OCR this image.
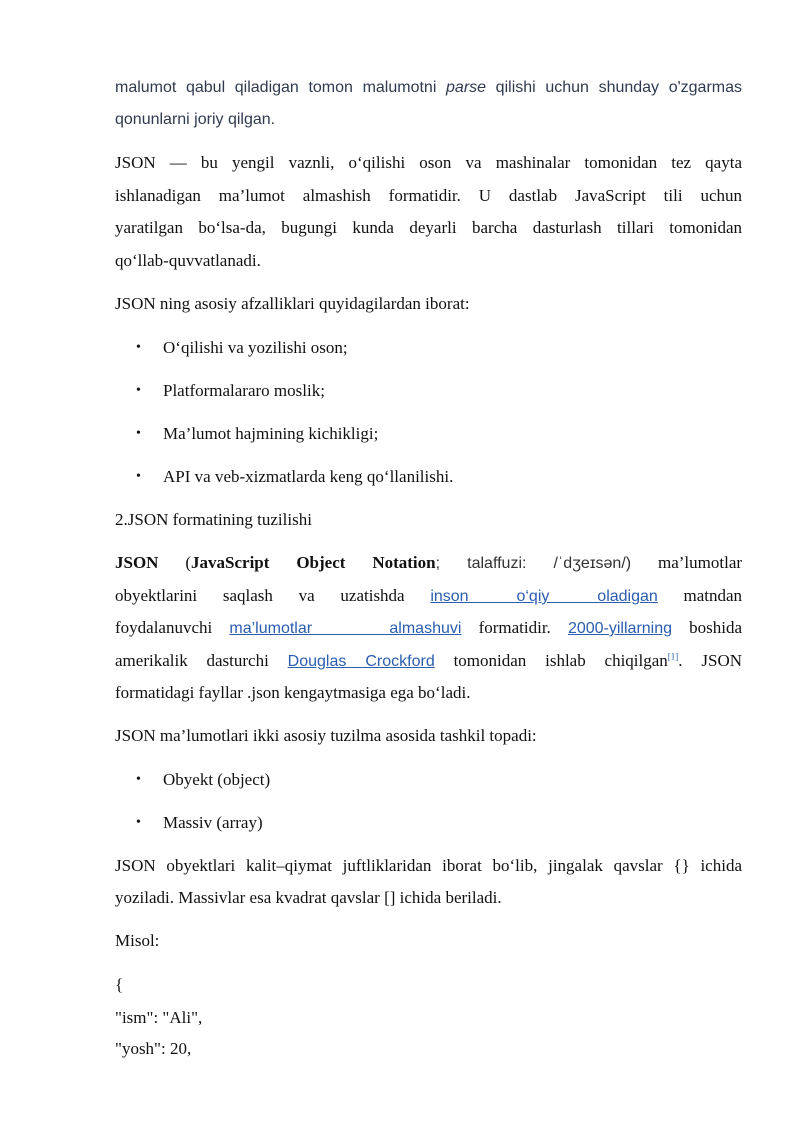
malumot qabul qiladigan tomon malumotni parse qilishi uchun shunday o'zgarmas

qonunlarni joriy qilgan.

JSON — bu yengil vaznli, o‘qilishi oson va mashinalar tomonidan tez qayta

ishlanadigan ma’lumot almashish formatidir. U dastlab JavaScript tili uchun

yaratilgan bo‘lsa-da, bugungi kunda deyarli barcha dasturlash tillari tomonidan

qo‘llab-quvvatlanadi.

JSON ning asosiy afzalliklari quyidagilardan iborat:

• O‘qilishi va yozilishi oson;

• Platformalararo moslik;

• Ma’lumot hajmining kichikligi;

• API va veb-xizmatlarda keng qo‘llanilishi.

2.JSON formatining tuzilishi

JSON (JavaScript Object Notation; talaffuzi: /ˈdʒeɪsən/) ma’lumotlar

obyektlarini saqlash va uzatishda inson o‘qiy oladigan matndan

foydalanuvchi ma’lumotlar almashuvi formatidir. 2000-yillarning boshida

amerikalik dasturchi Douglas Crockford tomonidan ishlab chiqilgan[1]. JSON

formatidagi fayllar .json kengaytmasiga ega bo‘ladi.

JSON ma’lumotlari ikki asosiy tuzilma asosida tashkil topadi:

• Obyekt (object)

• Massiv (array)

JSON obyektlari kalit–qiymat juftliklaridan iborat bo‘lib, jingalak qavslar {} ichida

yoziladi. Massivlar esa kvadrat qavslar [] ichida beriladi.

Misol:

{

"ism": "Ali",

"yosh": 20,
